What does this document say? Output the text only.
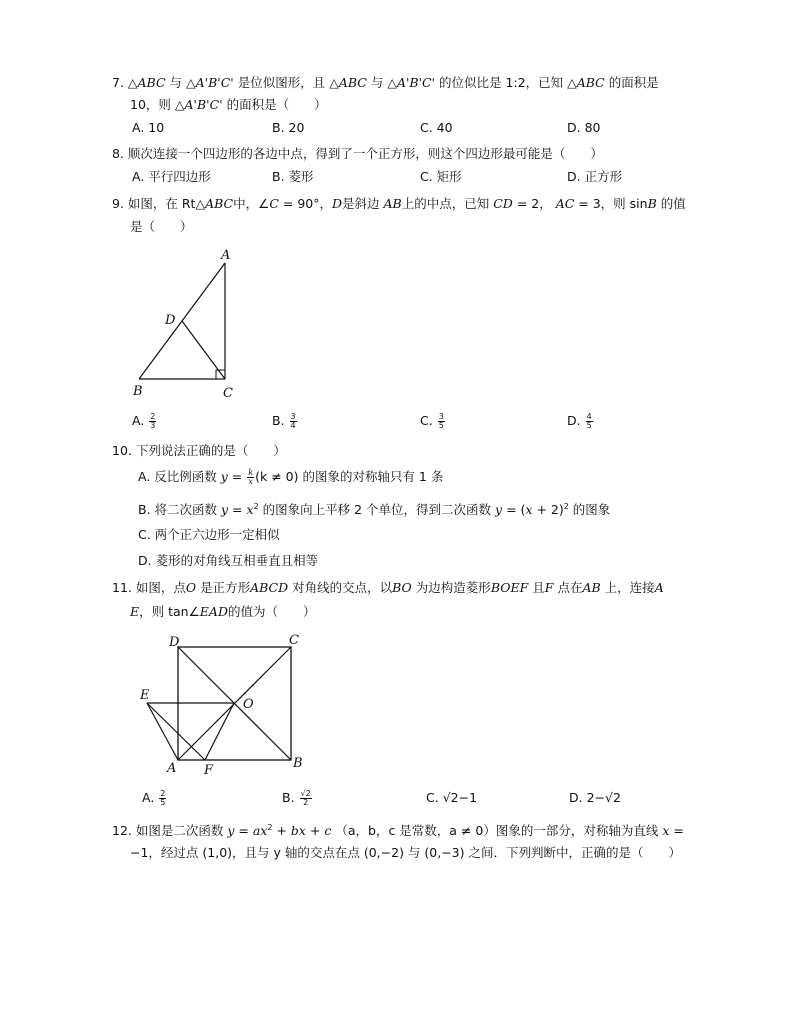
7. △ABC 与 △A'B'C' 是位似图形，且 △ABC 与 △A'B'C' 的位似比是 1:2，已知 △ABC 的面积是
10，则 △A'B'C' 的面积是（　　）
A. 10	B. 20	C. 40	D. 80
8. 顺次连接一个四边形的各边中点，得到了一个正方形，则这个四边形最可能是（　　）
A. 平行四边形	B. 菱形	C. 矩形	D. 正方形
9. 如图，在 Rt△ABC中，∠C = 90°，D是斜边 AB上的中点，已知 CD = 2， AC = 3，则 sinB 的值
是（　　）
A
B	C
D
A. $\frac{2}{3}$	B. $\frac{3}{4}$	C. $\frac{3}{5}$	D. $\frac{4}{5}$
10. 下列说法正确的是（　　）
A. 反比例函数 $y = \frac{k}{x} (k \ne 0)$ 的图象的对称轴只有 1 条
B. 将二次函数 $y = x^2$ 的图象向上平移 2 个单位，得到二次函数 $y = (x + 2)^2$ 的图象
C. 两个正六边形一定相似
D. 菱形的对角线互相垂直且相等
11. 如图，点O 是正方形ABCD 对角线的交点，以BO 为边构造菱形BOEF 且F 点在AB 上，连接A
E，则 tan∠EAD的值为（　　）
D	C
E
O
A F	B
A. $\frac{2}{5}$	B. $\frac{√2}{2}$	C. √2−1	D. 2−√2
12. 如图是二次函数 $y = ax^2$ + bx + c （a，b，c 是常数，a ≠ 0）图象的一部分，对称轴为直线 x =
−1，经过点 (1,0)，且与 y 轴的交点在点 (0,−2) 与 (0,−3) 之间．下列判断中，正确的是（　　）
